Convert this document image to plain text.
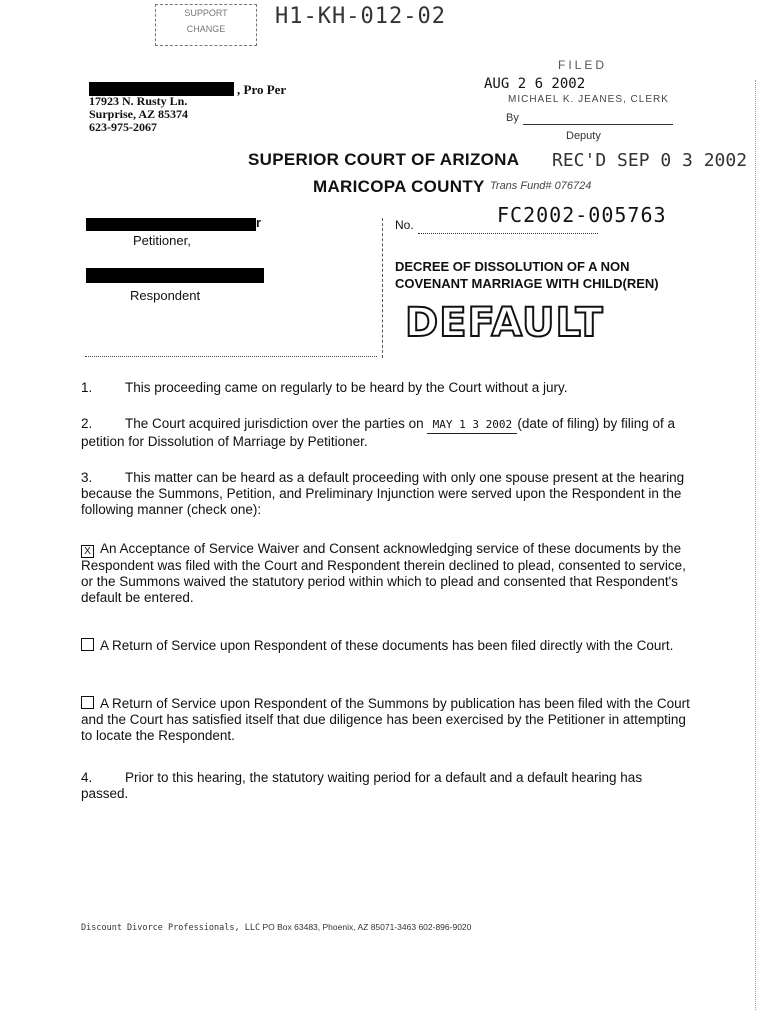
SUPPORT
CHANGE	H1-KH-012-02
FILED
AUG 2 6 2002
MICHAEL K. JEANES, CLERK
By
Deputy
, Pro Per
17923 N. Rusty Ln.
Surprise, AZ 85374
623-975-2067
SUPERIOR COURT OF ARIZONA REC'D SEP 0 3 2002
MARICOPA COUNTY Trans Fund# 076724
FC2002-005763
r
Petitioner,
Respondent
No.
DECREE OF DISSOLUTION OF A NON COVENANT MARRIAGE WITH CHILD(REN)
DEFAULT
1. This proceeding came on regularly to be heard by the Court without a jury.
2. The Court acquired jurisdiction over the parties on MAY 1 3 2002 (date of filing) by filing of a petition for Dissolution of Marriage by Petitioner.
3. This matter can be heard as a default proceeding with only one spouse present at the hearing because the Summons, Petition, and Preliminary Injunction were served upon the Respondent in the following manner (check one):
X An Acceptance of Service Waiver and Consent acknowledging service of these documents by the Respondent was filed with the Court and Respondent therein declined to plead, consented to service, or the Summons waived the statutory period within which to plead and consented that Respondent's default be entered.
A Return of Service upon Respondent of these documents has been filed directly with the Court.
A Return of Service upon Respondent of the Summons by publication has been filed with the Court and the Court has satisfied itself that due diligence has been exercised by the Petitioner in attempting to locate the Respondent.
4. Prior to this hearing, the statutory waiting period for a default and a default hearing has passed.
Discount Divorce Professionals, LLC PO Box 63483, Phoenix, AZ 85071-3463 602-896-9020
